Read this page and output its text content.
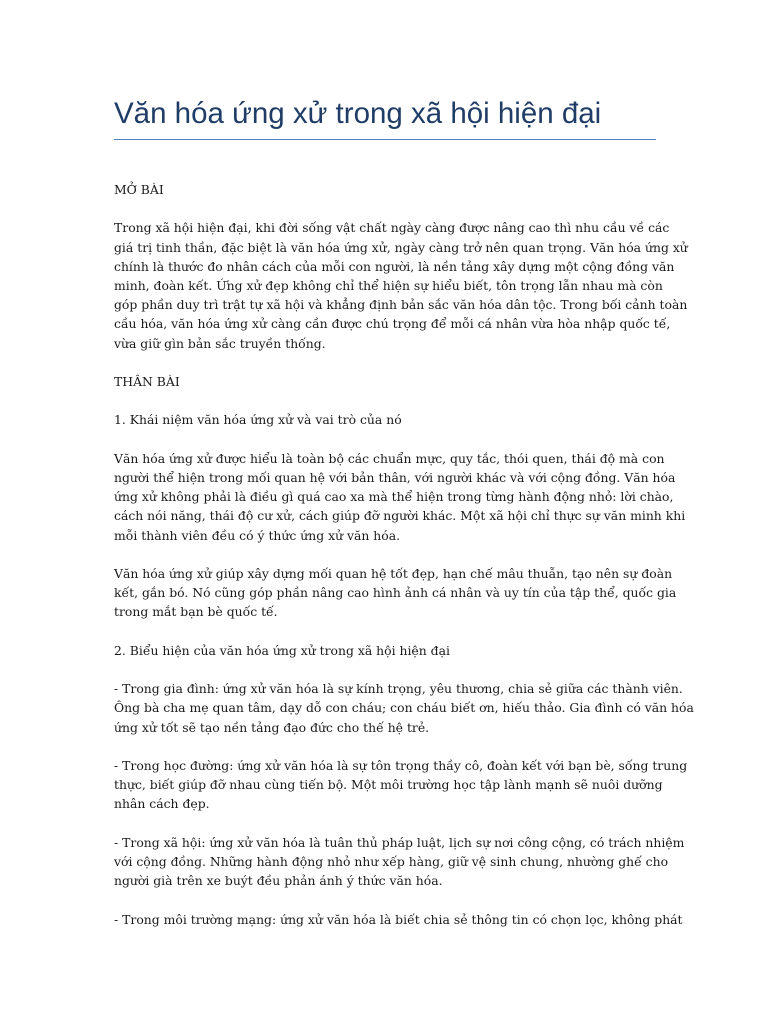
Văn hóa ứng xử trong xã hội hiện đại

MỞ BÀI

Trong xã hội hiện đại, khi đời sống vật chất ngày càng được nâng cao thì nhu cầu về các
giá trị tinh thần, đặc biệt là văn hóa ứng xử, ngày càng trở nên quan trọng. Văn hóa ứng xử
chính là thước đo nhân cách của mỗi con người, là nền tảng xây dựng một cộng đồng văn
minh, đoàn kết. Ứng xử đẹp không chỉ thể hiện sự hiểu biết, tôn trọng lẫn nhau mà còn
góp phần duy trì trật tự xã hội và khẳng định bản sắc văn hóa dân tộc. Trong bối cảnh toàn
cầu hóa, văn hóa ứng xử càng cần được chú trọng để mỗi cá nhân vừa hòa nhập quốc tế,
vừa giữ gìn bản sắc truyền thống.

THÂN BÀI

1. Khái niệm văn hóa ứng xử và vai trò của nó

Văn hóa ứng xử được hiểu là toàn bộ các chuẩn mực, quy tắc, thói quen, thái độ mà con
người thể hiện trong mối quan hệ với bản thân, với người khác và với cộng đồng. Văn hóa
ứng xử không phải là điều gì quá cao xa mà thể hiện trong từng hành động nhỏ: lời chào,
cách nói năng, thái độ cư xử, cách giúp đỡ người khác. Một xã hội chỉ thực sự văn minh khi
mỗi thành viên đều có ý thức ứng xử văn hóa.

Văn hóa ứng xử giúp xây dựng mối quan hệ tốt đẹp, hạn chế mâu thuẫn, tạo nên sự đoàn
kết, gắn bó. Nó cũng góp phần nâng cao hình ảnh cá nhân và uy tín của tập thể, quốc gia
trong mắt bạn bè quốc tế.

2. Biểu hiện của văn hóa ứng xử trong xã hội hiện đại

- Trong gia đình: ứng xử văn hóa là sự kính trọng, yêu thương, chia sẻ giữa các thành viên.
Ông bà cha mẹ quan tâm, dạy dỗ con cháu; con cháu biết ơn, hiếu thảo. Gia đình có văn hóa
ứng xử tốt sẽ tạo nền tảng đạo đức cho thế hệ trẻ.

- Trong học đường: ứng xử văn hóa là sự tôn trọng thầy cô, đoàn kết với bạn bè, sống trung
thực, biết giúp đỡ nhau cùng tiến bộ. Một môi trường học tập lành mạnh sẽ nuôi dưỡng
nhân cách đẹp.

- Trong xã hội: ứng xử văn hóa là tuân thủ pháp luật, lịch sự nơi công cộng, có trách nhiệm
với cộng đồng. Những hành động nhỏ như xếp hàng, giữ vệ sinh chung, nhường ghế cho
người già trên xe buýt đều phản ánh ý thức văn hóa.

- Trong môi trường mạng: ứng xử văn hóa là biết chia sẻ thông tin có chọn lọc, không phát
